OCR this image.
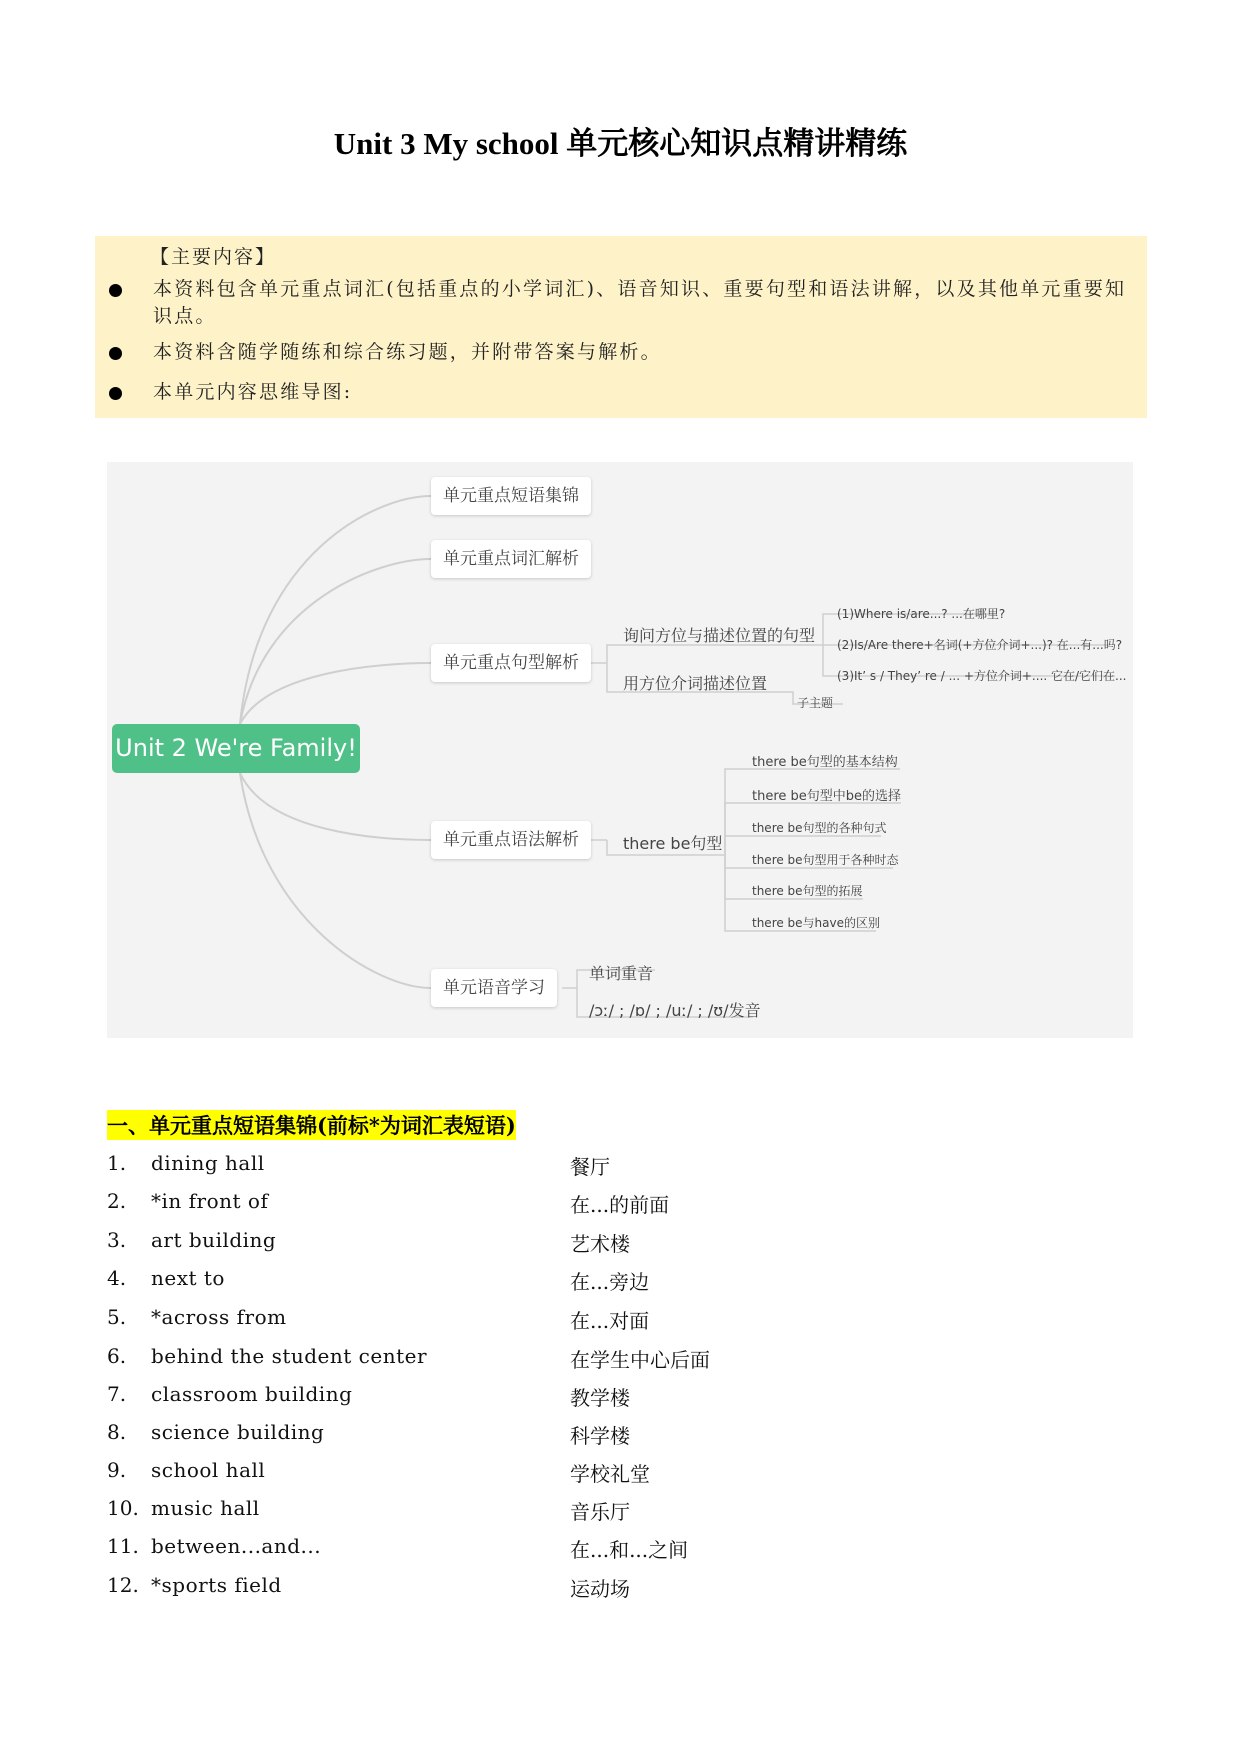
Unit 3 My school 单元核心知识点精讲精练
【主要内容】
本资料包含单元重点词汇(包括重点的小学词汇)、语音知识、重要句型和语法讲解，以及其他单元重要知识点。
本资料含随学随练和综合练习题，并附带答案与解析。
本单元内容思维导图:
Unit 2 We're Family!
单元重点短语集锦
单元重点词汇解析
单元重点句型解析
单元重点语法解析
单元语音学习
询问方位与描述位置的句型
(1)Where is/are...? ...在哪里?
(2)Is/Are there+名词(+方位介词+...)? 在...有...吗?
(3)It’ s / They’ re / ... +方位介词+.... 它在/它们在...
用方位介词描述位置
子主题
there be句型
there be句型的基本结构
there be句型中be的选择
there be句型的各种句式
there be句型用于各种时态
there be句型的拓展
there be与have的区别
单词重音
/ɔː/ ; /ɒ/ ; /uː/ ; /ʊ/发音
一、单元重点短语集锦(前标*为词汇表短语)
1. dining hall	餐厅
2. *in front of	在...的前面
3. art building	艺术楼
4. next to	在...旁边
5. *across from	在...对面
6. behind the student center	在学生中心后面
7. classroom building	教学楼
8. science building	科学楼
9. school hall	学校礼堂
10. music hall	音乐厅
11. between...and...	在...和...之间
12. *sports field	运动场
